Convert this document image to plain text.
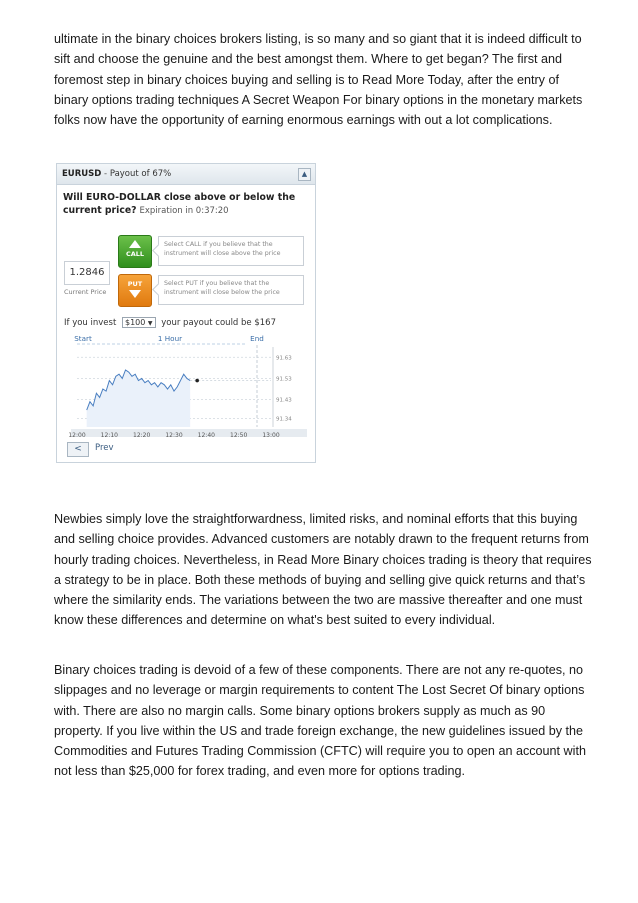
ultimate in the binary choices brokers listing, is so many and so giant that it is indeed difficult to sift and choose the genuine and the best amongst them. Where to get began? The first and foremost step in binary choices buying and selling is to Read More Today, after the entry of binary options trading techniques A Secret Weapon For binary options in the monetary markets folks now have the opportunity of earning enormous earnings with out a lot complications.

EURUSD - Payout of 67%	▲
Will EURO-DOLLAR close above or below the current price? Expiration in 0:37:20
1.2846
Current Price
CALL
PUT
Select CALL if you believe that the instrument will close above the price
Select PUT if you believe that the instrument will close below the price
If you invest $100 ▼ your payout could be $167
91.63
91.53
91.43
91.34
12:00	12:10	12:20	12:30	12:40	12:50	13:00
Start	1 Hour	End
<	Prev

Newbies simply love the straightforwardness, limited risks, and nominal efforts that this buying and selling choice provides. Advanced customers are notably drawn to the frequent returns from hourly trading choices. Nevertheless, in Read More Binary choices trading is theory that requires a strategy to be in place. Both these methods of buying and selling give quick returns and that’s where the similarity ends. The variations between the two are massive thereafter and one must know these differences and determine on what's best suited to every individual.

Binary choices trading is devoid of a few of these components. There are not any re-quotes, no slippages and no leverage or margin requirements to content The Lost Secret Of binary options with. There are also no margin calls. Some binary options brokers supply as much as 90 property. If you live within the US and trade foreign exchange, the new guidelines issued by the Commodities and Futures Trading Commission (CFTC) will require you to open an account with not less than $25,000 for forex trading, and even more for options trading.
